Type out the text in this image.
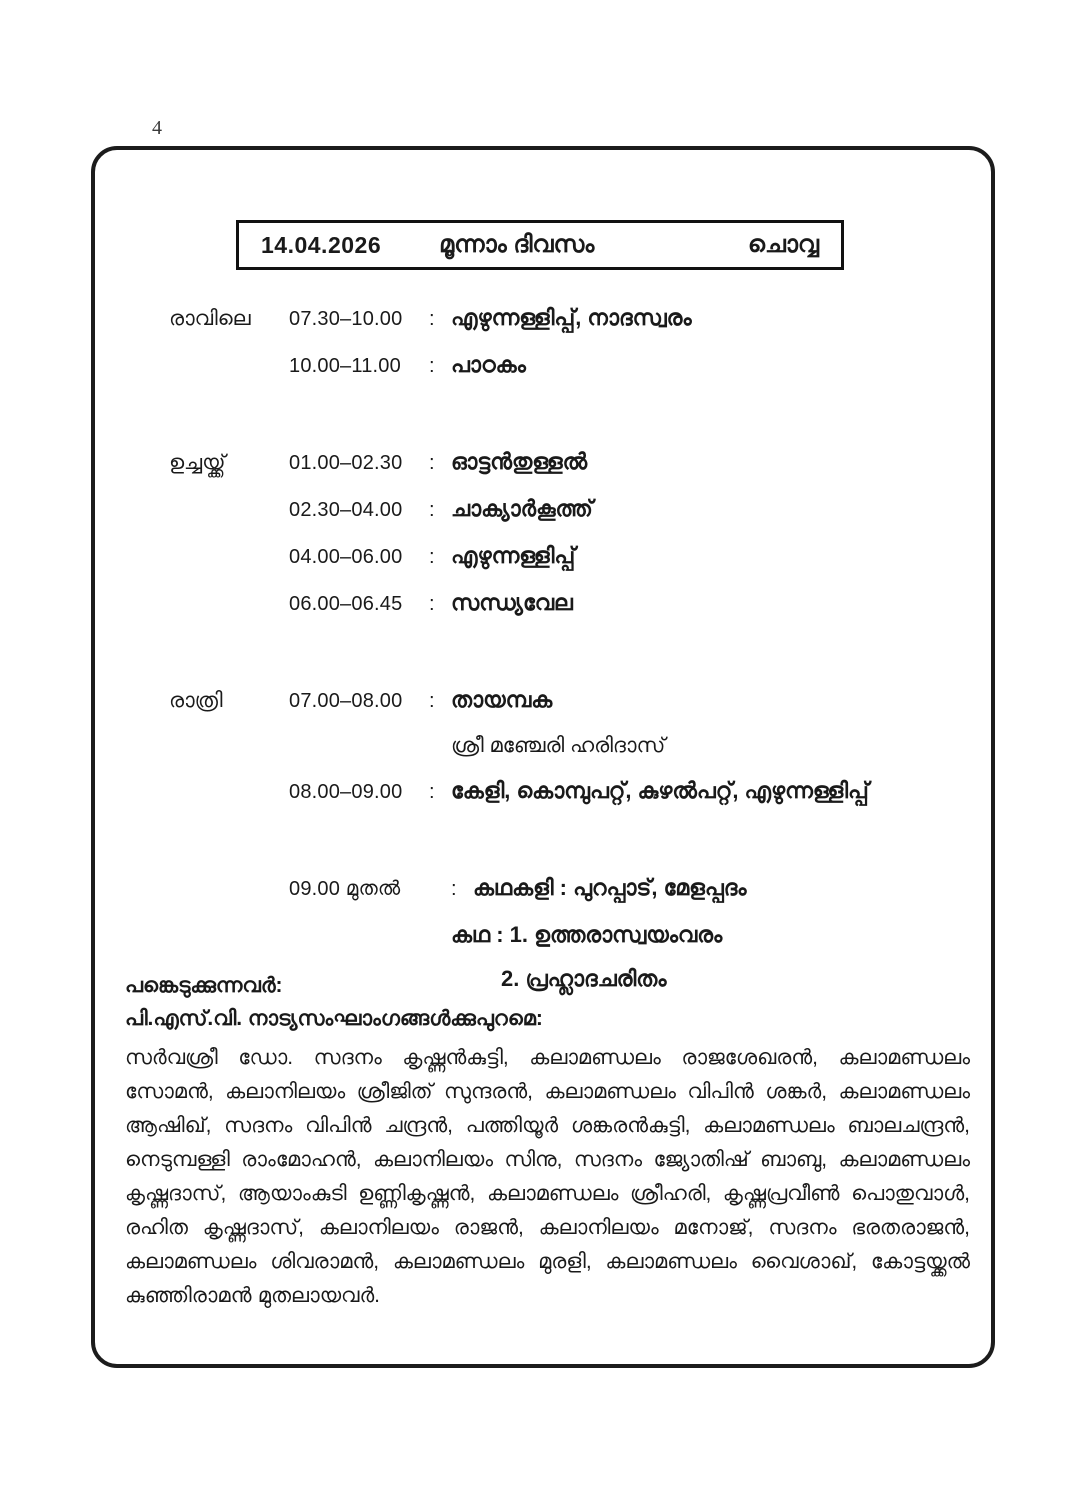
4
14.04.2026 മൂന്നാം ദിവസം	ചൊവ്വ
രാവിലെ	07.30–10.00	: എഴുന്നള്ളിപ്പ്, നാദസ്വരം
10.00–11.00	: പാഠകം
ഉച്ചയ്ക്ക്	01.00–02.30	: ഓട്ടൻതുള്ളൽ
02.30–04.00	: ചാക്യാർകൂത്ത്
04.00–06.00	: എഴുന്നള്ളിപ്പ്
06.00–06.45	: സന്ധ്യവേല
രാത്രി	07.00–08.00	: തായമ്പക
ശ്രീ മഞ്ചേരി ഹരിദാസ്
08.00–09.00	: കേളി, കൊമ്പുപറ്റ്, കുഴൽപറ്റ്, എഴുന്നള്ളിപ്പ്
09.00 മുതൽ	: കഥകളി : പുറപ്പാട്, മേളപ്പദം
കഥ : 1. ഉത്തരാസ്വയംവരം
2. പ്രഹ്ലാദചരിതം
പങ്കെടുക്കുന്നവർ:
പി.എസ്.വി. നാട്യസംഘാംഗങ്ങൾക്കുപുറമെ:
സർവശ്രീ ഡോ. സദനം കൃഷ്ണൻകുട്ടി, കലാമണ്ഡലം രാജശേഖരൻ, കലാമണ്ഡലം സോമൻ, കലാനിലയം ശ്രീജിത് സുന്ദരൻ, കലാമണ്ഡലം വിപിൻ ശങ്കർ, കലാമണ്ഡലം ആഷിഖ്, സദനം വിപിൻ ചന്ദ്രൻ, പത്തിയൂർ ശങ്കരൻകുട്ടി, കലാമണ്ഡലം ബാലചന്ദ്രൻ, നെടുമ്പള്ളി രാംമോഹൻ, കലാനിലയം സിനു, സദനം ജ്യോതിഷ് ബാബു, കലാമണ്ഡലം കൃഷ്ണദാസ്, ആയാംകുടി ഉണ്ണികൃഷ്ണൻ, കലാമണ്ഡലം ശ്രീഹരി, കൃഷ്ണപ്രവീൺ പൊതുവാൾ, രഹിത കൃഷ്ണദാസ്, കലാനിലയം രാജൻ, കലാനിലയം മനോജ്, സദനം ഭരതരാജൻ, കലാമണ്ഡലം ശിവരാമൻ, കലാമണ്ഡലം മുരളി, കലാമണ്ഡലം വൈശാഖ്, കോട്ടയ്ക്കൽ കുഞ്ഞിരാമൻ മുതലായവർ.
